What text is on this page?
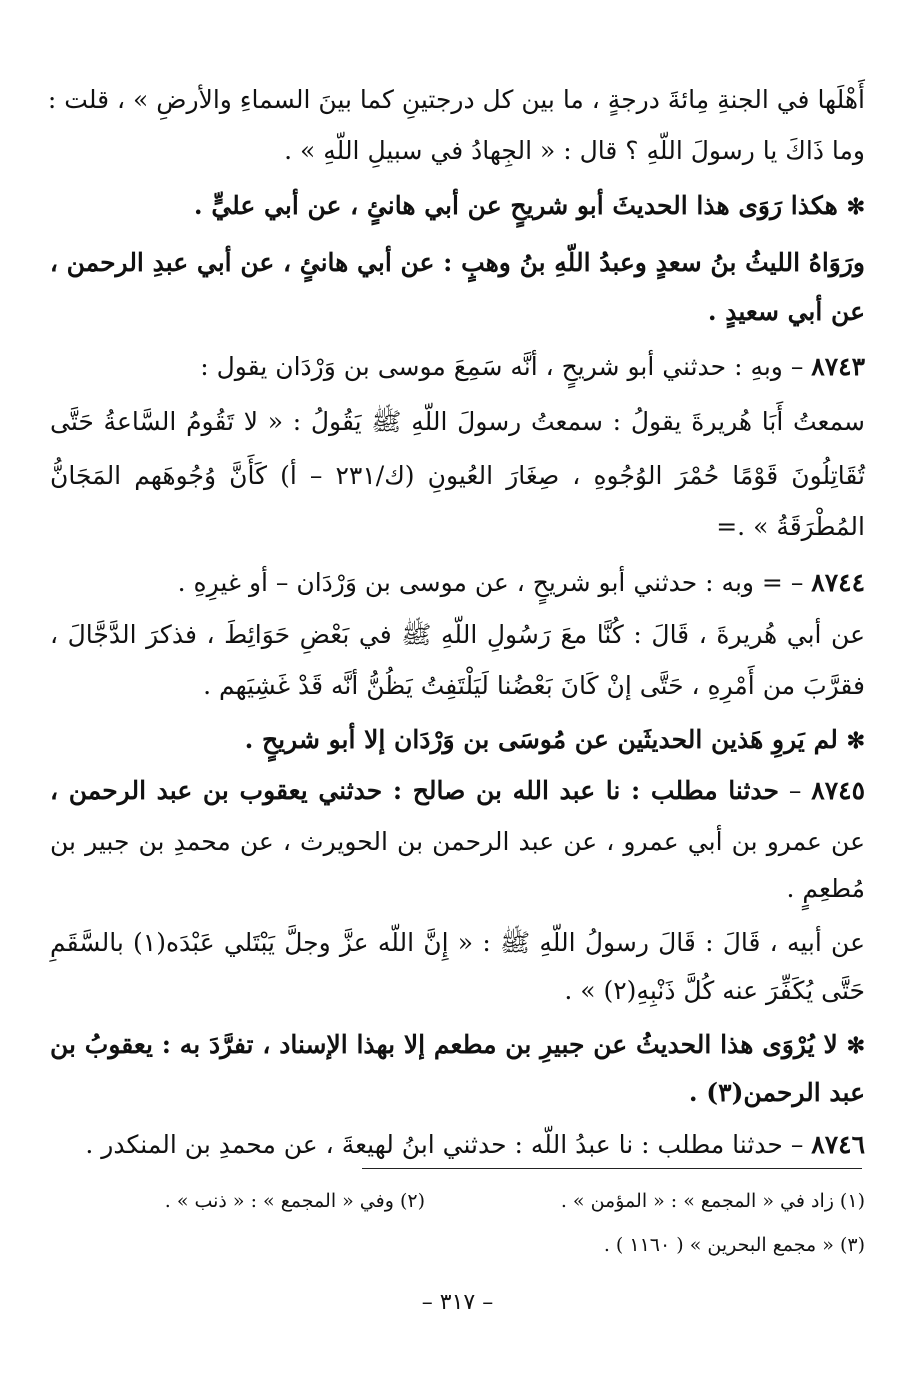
أَهْلَها في الجنةِ مِائةَ درجةٍ ، ما بين كل درجتينِ كما بينَ السماءِ والأرضِ » ، قلت :
وما ذَاكَ يا رسولَ اللّهِ ؟ قال : « الجِهادُ في سبيلِ اللّهِ » .
✻ هكذا رَوَى هذا الحديثَ أبو شريحٍ عن أبي هانئٍ ، عن أبي عليٍّ .
ورَوَاهُ الليثُ بنُ سعدٍ وعبدُ اللّهِ بنُ وهبٍ : عن أبي هانئٍ ، عن أبي عبدِ الرحمن ،
عن أبي سعيدٍ .
٨٧٤٣ – وبهِ : حدثني أبو شريحٍ ، أنَّه سَمِعَ موسى بن وَرْدَان يقول :
سمعتُ أَبَا هُريرةَ يقولُ : سمعتُ رسولَ اللّهِ ﷺ يَقُولُ : « لا تَقُومُ السَّاعةُ حَتَّى
تُقَاتِلُونَ قَوْمًا حُمْرَ الوُجُوهِ ، صِغَارَ العُيونِ (ك/٢٣١ – أ) كَأَنَّ وُجُوهَهم المَجَانُّ
المُطْرَقَةُ » .=
٨٧٤٤ – = وبه : حدثني أبو شريحٍ ، عن موسى بن وَرْدَان – أو غيرِهِ .
عن أبي هُريرةَ ، قَالَ : كُنَّا معَ رَسُولِ اللّهِ ﷺ في بَعْضِ حَوَائِطَ ، فذكرَ الدَّجَّالَ ،
فقرَّبَ من أَمْرِهِ ، حَتَّى إنْ كَانَ بَعْضُنا لَيَلْتَفِتُ يَظُنُّ أنَّه قَدْ غَشِيَهم .
✻ لم يَروِ هَذين الحديثَين عن مُوسَى بن وَرْدَان إلا أبو شريحٍ .
٨٧٤٥ – حدثنا مطلب : نا عبد الله بن صالح : حدثني يعقوب بن عبد الرحمن ،
عن عمرو بن أبي عمرو ، عن عبد الرحمن بن الحويرث ، عن محمدِ بن جبير بن
مُطعِمٍ .
عن أبيه ، قَالَ : قَالَ رسولُ اللّهِ ﷺ : « إِنَّ اللّه عزَّ وجلَّ يَبْتَلي عَبْدَه(١) بالسَّقَمِ
حَتَّى يُكَفِّرَ عنه كُلَّ ذَنْبِهِ(٢) » .
✻ لا يُرْوَى هذا الحديثُ عن جبيرِ بن مطعم إلا بهذا الإسناد ، تفرَّدَ به : يعقوبُ بن
عبد الرحمن(٣) .
٨٧٤٦ – حدثنا مطلب : نا عبدُ اللّه : حدثني ابنُ لهيعةَ ، عن محمدِ بن المنكدر .
(١) زاد في « المجمع » : « المؤمن » .
(٢) وفي « المجمع » : « ذنب » .
(٣) « مجمع البحرين » ( ١١٦٠ ) .
– ٣١٧ –
